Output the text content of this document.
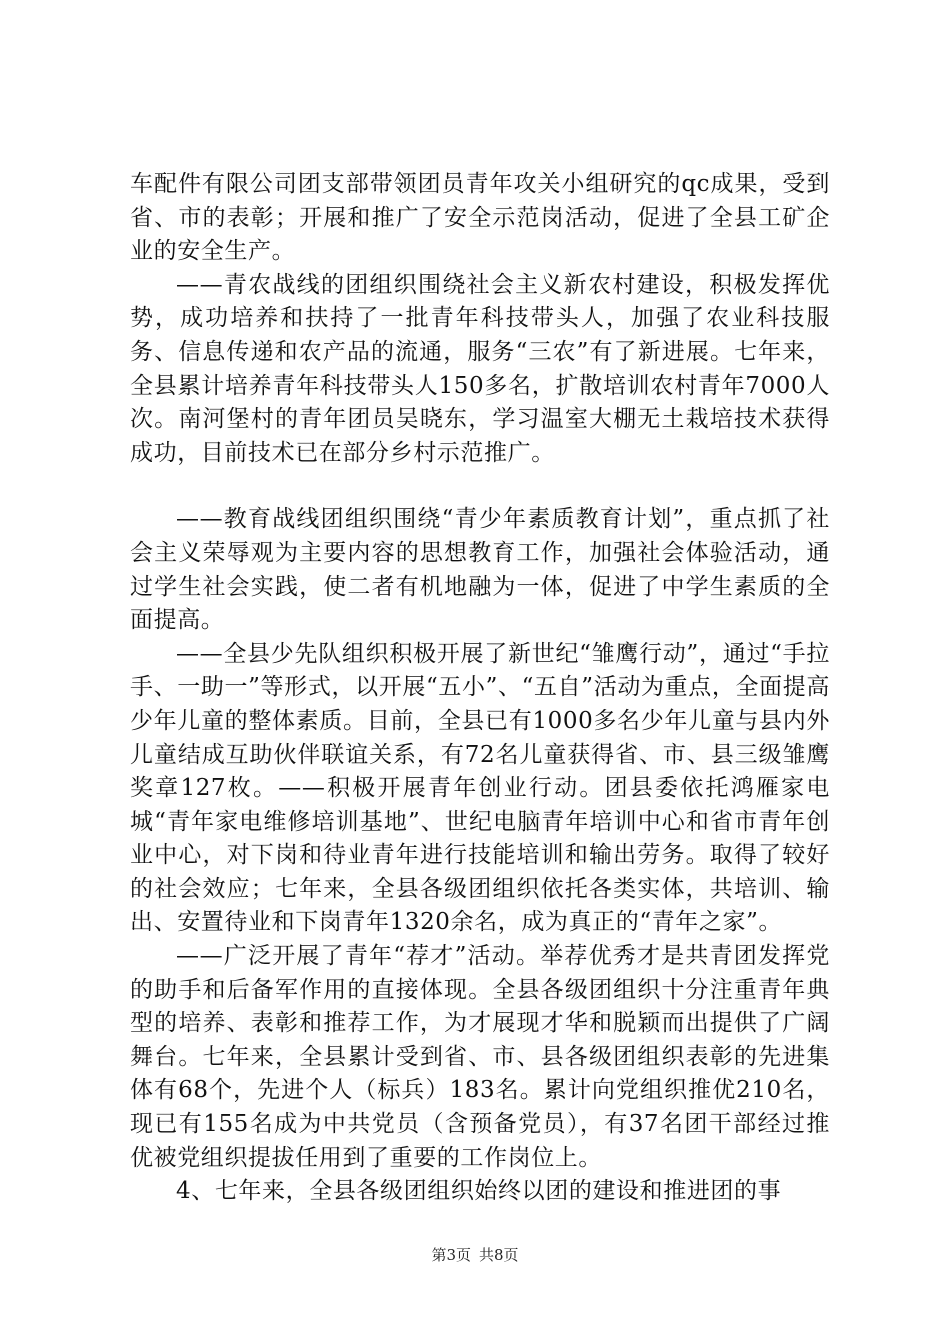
车配件有限公司团支部带领团员青年攻关小组研究的qc成果，受到省、市的表彰；开展和推广了安全示范岗活动，促进了全县工矿企业的安全生产。

——青农战线的团组织围绕社会主义新农村建设，积极发挥优势，成功培养和扶持了一批青年科技带头人，加强了农业科技服务、信息传递和农产品的流通，服务“三农”有了新进展。七年来，全县累计培养青年科技带头人150多名，扩散培训农村青年7000人次。南河堡村的青年团员吴晓东，学习温室大棚无土栽培技术获得成功，目前技术已在部分乡村示范推广。

——教育战线团组织围绕“青少年素质教育计划”，重点抓了社会主义荣辱观为主要内容的思想教育工作，加强社会体验活动，通过学生社会实践，使二者有机地融为一体，促进了中学生素质的全面提高。

——全县少先队组织积极开展了新世纪“雏鹰行动”，通过“手拉手、一助一”等形式，以开展“五小”、“五自”活动为重点，全面提高少年儿童的整体素质。目前，全县已有1000多名少年儿童与县内外儿童结成互助伙伴联谊关系，有72名儿童获得省、市、县三级雏鹰奖章127枚。——积极开展青年创业行动。团县委依托鸿雁家电城“青年家电维修培训基地”、世纪电脑青年培训中心和省市青年创业中心，对下岗和待业青年进行技能培训和输出劳务。取得了较好的社会效应；七年来，全县各级团组织依托各类实体，共培训、输出、安置待业和下岗青年1320余名，成为真正的“青年之家”。

——广泛开展了青年“荐才”活动。举荐优秀才是共青团发挥党的助手和后备军作用的直接体现。全县各级团组织十分注重青年典型的培养、表彰和推荐工作，为才展现才华和脱颖而出提供了广阔舞台。七年来，全县累计受到省、市、县各级团组织表彰的先进集体有68个，先进个人（标兵）183名。累计向党组织推优210名，现已有155名成为中共党员（含预备党员），有37名团干部经过推优被党组织提拔任用到了重要的工作岗位上。

4、七年来，全县各级团组织始终以团的建设和推进团的事

第3页 共8页
